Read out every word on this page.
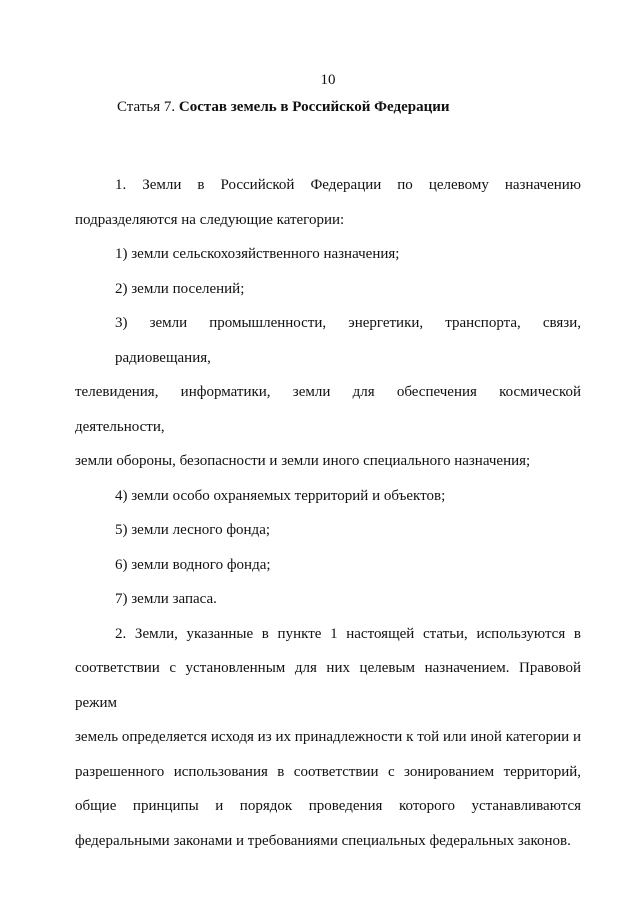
10
Статья 7. Состав земель в Российской Федерации
1. Земли в Российской Федерации по целевому назначению
подразделяются на следующие категории:
1) земли сельскохозяйственного назначения;
2) земли поселений;
3) земли промышленности, энергетики, транспорта, связи, радиовещания,
телевидения, информатики, земли для обеспечения космической деятельности,
земли обороны, безопасности и земли иного специального назначения;
4) земли особо охраняемых территорий и объектов;
5) земли лесного фонда;
6) земли водного фонда;
7) земли запаса.
2. Земли, указанные в пункте 1 настоящей статьи, используются в
соответствии с установленным для них целевым назначением. Правовой режим
земель определяется исходя из их принадлежности к той или иной категории и
разрешенного использования в соответствии с зонированием территорий,
общие принципы и порядок проведения которого устанавливаются
федеральными законами и требованиями специальных федеральных законов.
